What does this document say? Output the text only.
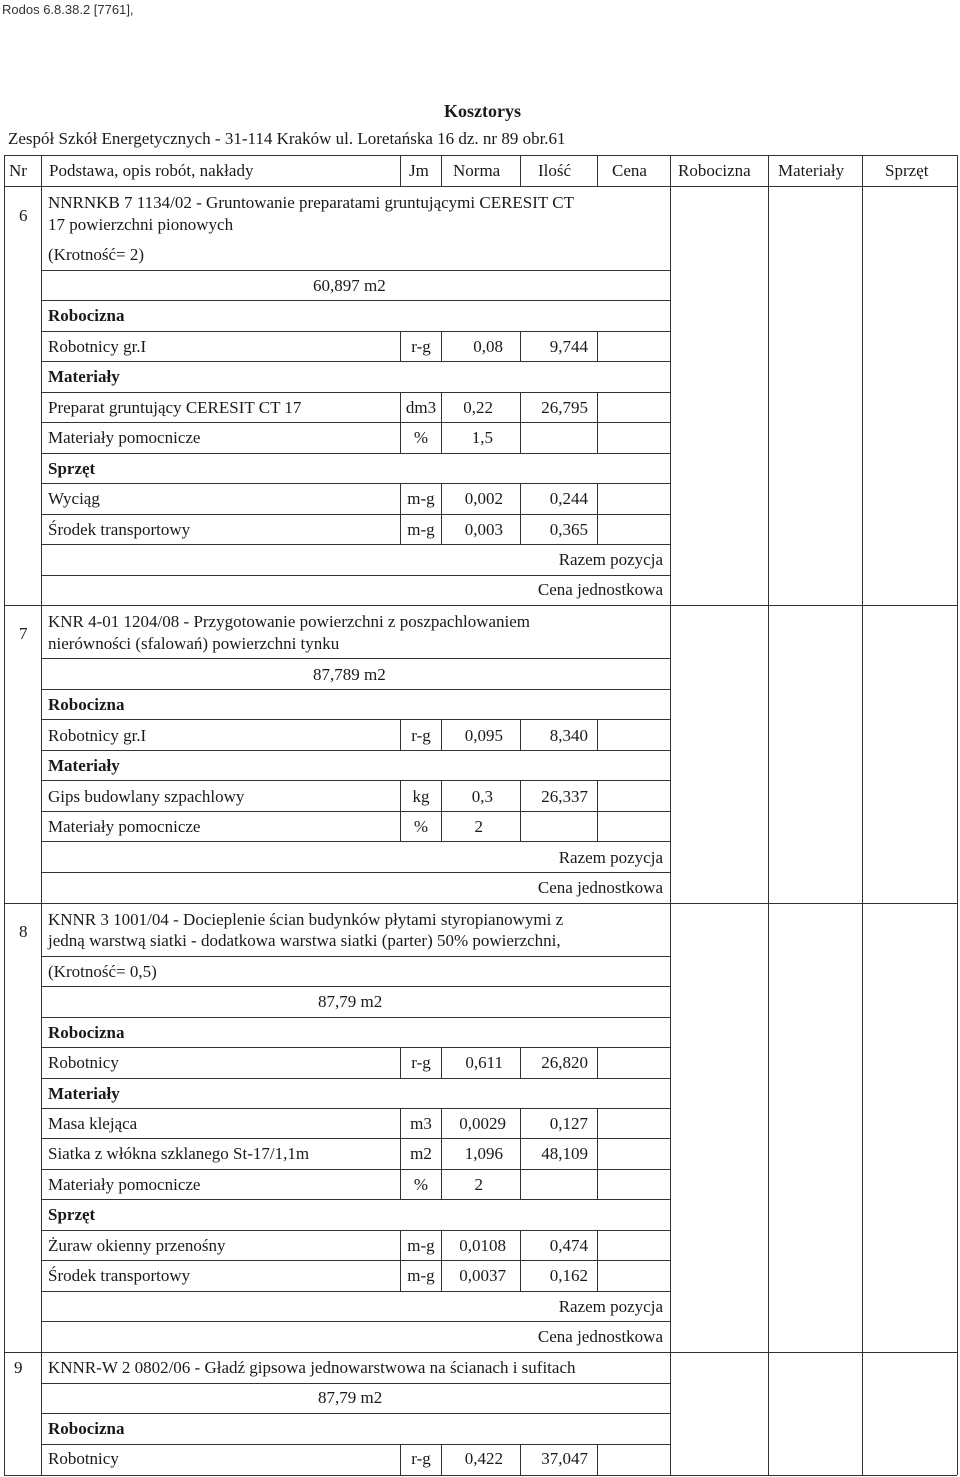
Rodos 6.8.38.2 [7761],
Kosztorys
Zespół Szkół Energetycznych - 31-114 Kraków ul. Loretańska 16 dz. nr 89 obr.61
Nr Podstawa, opis robót, nakłady	Jm Norma Ilość Cena Robocizna Materiały Sprzęt
6
NNRNKB 7 1134/02 - Gruntowanie preparatami gruntującymi CERESIT CT
17 powierzchni pionowych
(Krotność= 2)
60,897 m2
Robocizna
Robotnicy gr.I	r-g	0,08	9,744
Materiały
Preparat gruntujący CERESIT CT 17	dm3	0,22	26,795
Materiały pomocnicze	%	1,5
Sprzęt
Wyciąg	m-g	0,002	0,244
Środek transportowy	m-g	0,003	0,365
Razem pozycja
Cena jednostkowa
7
KNR 4-01 1204/08 - Przygotowanie powierzchni z poszpachlowaniem
nierówności (sfalowań) powierzchni tynku
87,789 m2
Robocizna
Robotnicy gr.I	r-g	0,095	8,340
Materiały
Gips budowlany szpachlowy	kg	0,3	26,337
Materiały pomocnicze	%	2
Razem pozycja
Cena jednostkowa
8
KNNR 3 1001/04 - Docieplenie ścian budynków płytami styropianowymi z
jedną warstwą siatki - dodatkowa warstwa siatki (parter) 50% powierzchni,
(Krotność= 0,5)
87,79 m2
Robocizna
Robotnicy	r-g	0,611	26,820
Materiały
Masa klejąca	m3	0,0029	0,127
Siatka z włókna szklanego St-17/1,1m	m2	1,096	48,109
Materiały pomocnicze	%	2
Sprzęt
Żuraw okienny przenośny	m-g	0,0108	0,474
Środek transportowy	m-g	0,0037	0,162
Razem pozycja
Cena jednostkowa
9 KNNR-W 2 0802/06 - Gładź gipsowa jednowarstwowa na ścianach i sufitach
87,79 m2
Robocizna
Robotnicy	r-g	0,422	37,047
